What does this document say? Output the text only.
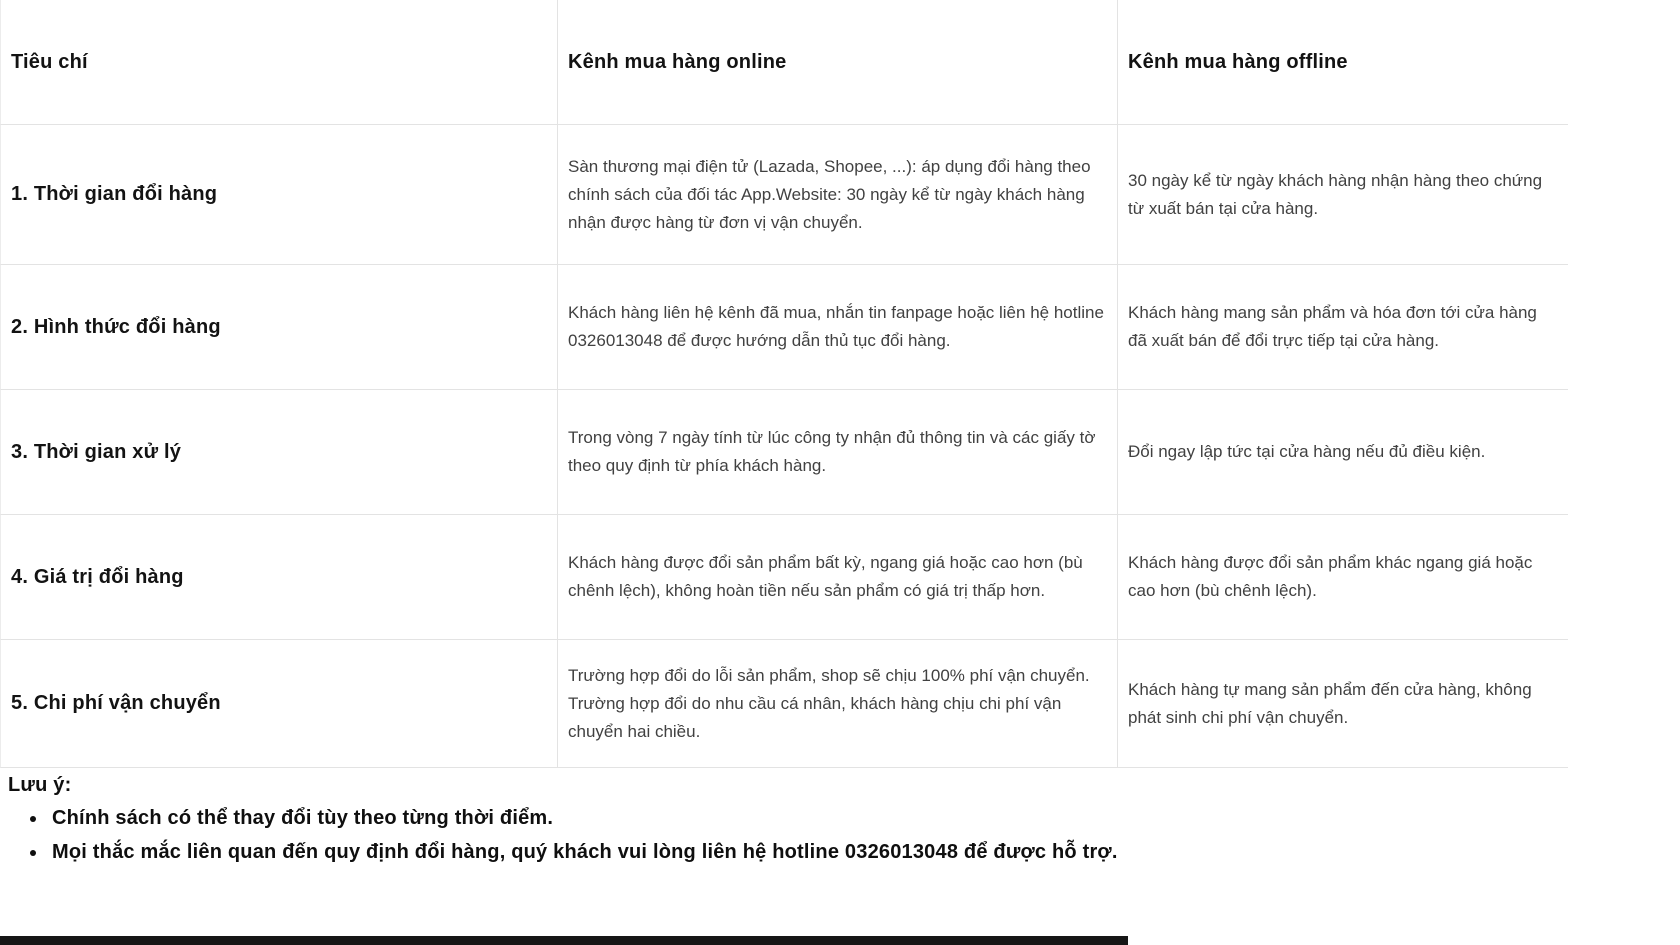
Tiêu chí	Kênh mua hàng online	Kênh mua hàng offline
1. Thời gian đổi hàng
Sàn thương mại điện tử (Lazada, Shopee, ...): áp dụng đổi hàng theo chính sách của đối tác App.Website: 30 ngày kể từ ngày khách hàng nhận được hàng từ đơn vị vận chuyển.
30 ngày kể từ ngày khách hàng nhận hàng theo chứng từ xuất bán tại cửa hàng.
2. Hình thức đổi hàng
Khách hàng liên hệ kênh đã mua, nhắn tin fanpage hoặc liên hệ hotline 0326013048 để được hướng dẫn thủ tục đổi hàng.
Khách hàng mang sản phẩm và hóa đơn tới cửa hàng đã xuất bán để đổi trực tiếp tại cửa hàng.
3. Thời gian xử lý
Trong vòng 7 ngày tính từ lúc công ty nhận đủ thông tin và các giấy tờ theo quy định từ phía khách hàng.
Đổi ngay lập tức tại cửa hàng nếu đủ điều kiện.
4. Giá trị đổi hàng
Khách hàng được đổi sản phẩm bất kỳ, ngang giá hoặc cao hơn (bù chênh lệch), không hoàn tiền nếu sản phẩm có giá trị thấp hơn.
Khách hàng được đổi sản phẩm khác ngang giá hoặc cao hơn (bù chênh lệch).
5. Chi phí vận chuyển
Trường hợp đổi do lỗi sản phẩm, shop sẽ chịu 100% phí vận chuyển. Trường hợp đổi do nhu cầu cá nhân, khách hàng chịu chi phí vận chuyển hai chiều.
Khách hàng tự mang sản phẩm đến cửa hàng, không phát sinh chi phí vận chuyển.
Lưu ý:
• Chính sách có thể thay đổi tùy theo từng thời điểm.
• Mọi thắc mắc liên quan đến quy định đổi hàng, quý khách vui lòng liên hệ hotline 0326013048 để được hỗ trợ.
